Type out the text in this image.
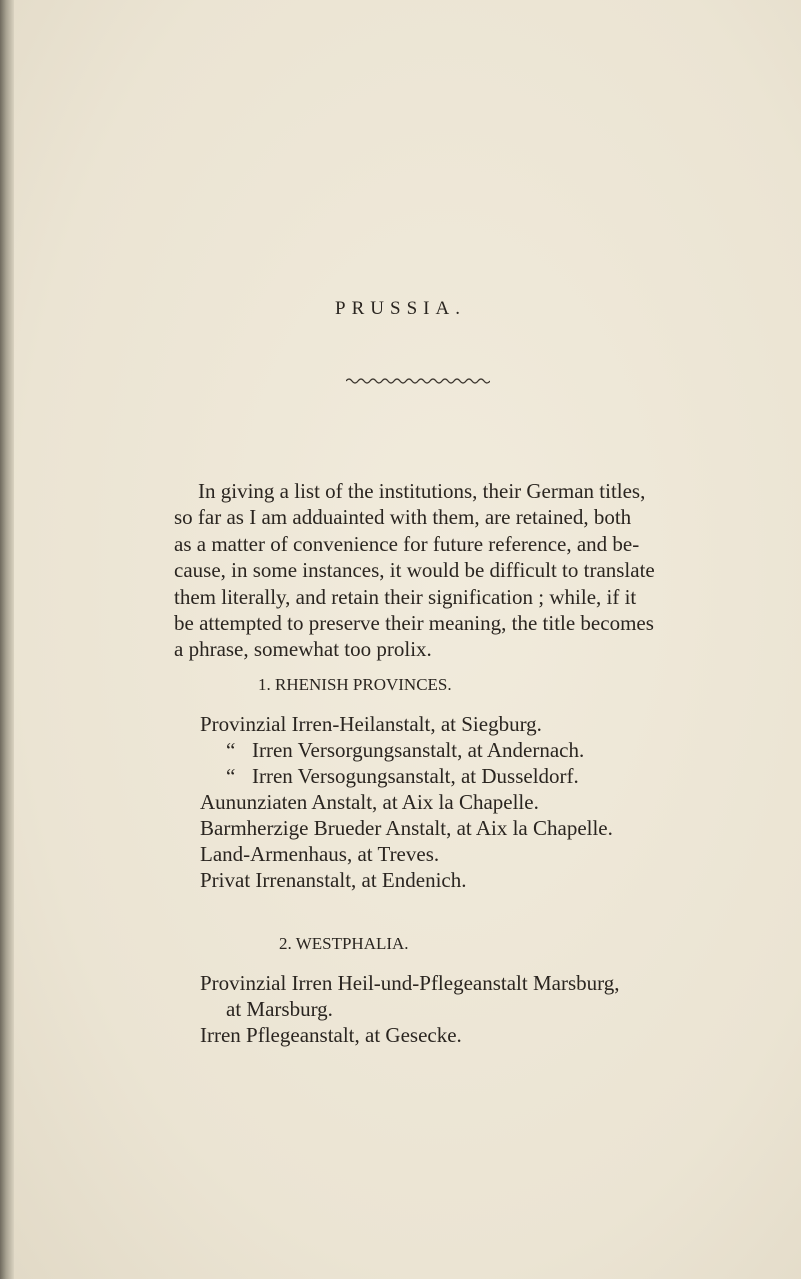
PRUSSIA.
In giving a list of the institutions, their German titles,
so far as I am adduainted with them, are retained, both
as a matter of convenience for future reference, and be-
cause, in some instances, it would be difficult to translate
them literally, and retain their signification ; while, if it
be attempted to preserve their meaning, the title becomes
a phrase, somewhat too prolix.
1. RHENISH PROVINCES.
Provinzial Irren-Heilanstalt, at Siegburg.
“ Irren Versorgungsanstalt, at Andernach.
“ Irren Versogungsanstalt, at Dusseldorf.
Aununziaten Anstalt, at Aix la Chapelle.
Barmherzige Brueder Anstalt, at Aix la Chapelle.
Land-Armenhaus, at Treves.
Privat Irrenanstalt, at Endenich.
2. WESTPHALIA.
Provinzial Irren Heil-und-Pflegeanstalt Marsburg,
at Marsburg.
Irren Pflegeanstalt, at Gesecke.
